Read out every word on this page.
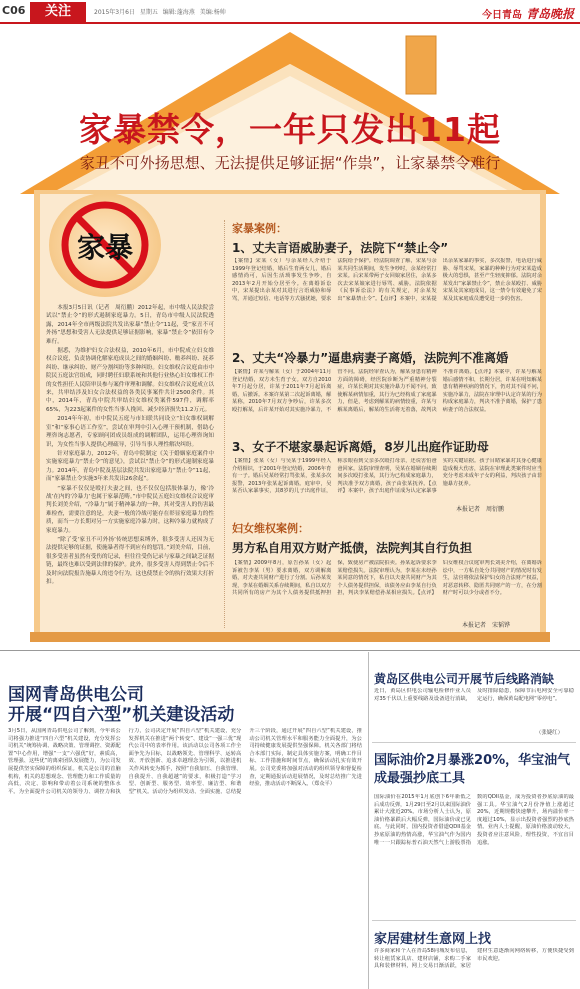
C06	关注	2015年3月6日 星期五 编辑:蓬海燕 美编:杨帅	今日青岛 青岛晚报
家暴禁令，一年只发出11起
家丑不可外扬思想、无法提供足够证据“作祟”，让家暴禁令难行
家暴

本报3月5日讯（记者　周衍鹏）2012年起，市中级人民法院尝试以“禁止令”的形式遏制家庭暴力。5日，青岛市中级人民法院透露，2014年全市两级法院共发出家暴“禁止令”11起，受“家丑不可外扬”思想和受害人无法提供足够证据影响，家暴“禁止令”依旧有令难行。

据悉，为维护妇女合法权益，2010年6月，市中院成立妇女维权合议庭，负责协调化解家庭成员之间的婚姻纠纷、赡养纠纷、抚养纠纷、继承纠纷、财产分割纠纷等多种纠纷。妇女维权合议庭由市中院民五庭法官组成，同时聘任妇联系统和其他行业热心妇女维权工作的女性担任人民陪审员参与案件审理和调解。妇女维权合议庭成立以来，共审结涉及妇女合法权益的各类民事案件共计2500余件。其中，2014年，青岛中院共审结妇女维权类案件597件，调解率65%，为223起案件的女性当事人挽回、减少经济损失11.2万元。

2014年年初，市中院民五庭与市妇联共同设立“妇女维权调解室”和“家事心语工作室”，尝试在审判中引入心理干预机制，借助心理咨询志愿者，专家顾问团成员组成的调解团队，运用心理咨询知识，为女性当事人提供心理疏导，引导当事人理性解决纠纷。

针对家庭暴力，2012年，青岛中院制定《关于婚姻家庭案件中实施家庭暴力“禁止令”的意见》，尝试以“禁止令”的形式遏制家庭暴力。2014年，青岛中院及基层法院共发出家庭暴力“禁止令”11起，而“家暴禁止令实施3年来共发出26余起”。

“家暴不仅仅是殴打夫妻之间，也不仅仅包括肢体暴力，像‘冷战’在内的‘冷暴力’也属于家暴范畴。”市中院民五庭妇女维权合议庭审判长刘美介绍，“冷暴力”属于精神暴力的一种，其对受害人的伤害最难检查，需要注意的是，夫妻一般的冷战可能存在彰显家庭暴力的性质，而当一方长期对另一方实施家庭冷暴力时，这种冷暴力就构成了家庭暴力。

“除了受‘家丑不可外扬’传统思想束缚外，很多受害人还因为无法提供足够的证据，使施暴者得不到应有的惩罚。”刘美介绍，目前，很多受害者虽然有受伤的记录，但往往受伤记录与家暴之间缺乏证据链，最终也难以受到法律的保护。此外，很多受害人得到禁止令后不及时向法院报告施暴人的违令行为，这也使禁止令的执行效果大打折扣。

家暴案例：
1、丈夫言语威胁妻子，法院下“禁止令”
【案情】宋某（女）与余某经人介绍于1999年登记结婚，婚后生育两女儿，婚后感情尚可，后因生活琐事发生争吵，自2013年2月开始分居至今。在离婚诉讼中，宋某提出余某对其进行言语威胁和辱骂，并通过短信、电话等方式骚扰她，要求法院给予保护。经法院调查了解，宋某与余某共同生活期间，发生争吵时，余某经常打宋某。后宋某带两子女回娘家居住，余某多次去宋某娘家进行辱骂、威胁。法院依据《民事诉讼法》的有关规定，对余某发出“家暴禁止令”。【点评】本案中，宋某提出余某家暴的事实，多次报警，电话进行威胁、辱骂宋某，家暴的种种行为对宋某造成极大的恐惧，甚至产生轻度抑郁。法院对余某发出“家暴禁止令”，禁止余某殴打、威胁宋某及其家庭成员，这一禁令有效避免了宋某及其家庭成员遭受进一步的伤害。
2、丈夫“冷暴力”逼患病妻子离婚，法院判不准离婚
【案情】许某与解某（女）于2004年11月登记结婚，双方未生育子女。双方自2010年7月起分居，许某于2011年7月起诉离婚，后撤诉。本案许某第二次起诉离婚，解某称，2010年7月双方争吵后，许某多次殴打解某，后许某开始对其实施冷暴力，不管不问。法院经审查认为，解某身患有精神方面的障碍，经医院诊断为严重精神分裂症，许某长期对其实施冷暴力不闻不问，致使解某病情加重，其行为已经构成了家庭暴力，但是，考虑到解某的病情较重，许某与解某离婚后，解某的生活将无着落，故判决不准许离婚。【点评】本案中，许某与解某婚后感情不和，长期分居，许某在明知解某患有精神疾病的情况下，仍对其不闻不问，实施冷暴力，法院在审理中认定许某的行为构成家庭暴力，判决不准予离婚，保护了患病妻子的合法权益。
3、女子不堪家暴起诉离婚，8岁儿出庭作证助母
【案情】张某（女）与吴某于1999年经人介绍相识，于2001年登记结婚，2006年育有一子。婚后吴某经常打骂张某，张某多次报警，2013年张某起诉离婚。庭审中，吴某否认家暴事实，其8岁的儿子出庭作证，称亲眼看到父亲多次殴打母亲，还说害怕爸爸回家。法院审理查明，吴某在婚姻存续期间多次殴打张某，其行为已构成家庭暴力，判决准予双方离婚，孩子由张某抚养。【点评】本案中，孩子出庭作证成为认定家暴事实的关键证据。孩子目睹家暴对其身心健康造成极大伤害，法院在审理此类案件时应当充分考虑未成年子女的利益，判决孩子由非施暴方抚养。
本报记者　周衍鹏
妇女维权案例：
男方私自用双方财产抵债，法院判其自行负担
【案情】2009年8月，原告孙某（女）起诉被告李某（男）要求离婚，双方调解离婚，对夫妻共同财产进行了分割。后孙某发现，李某在婚姻关系存续期间，私自以双方共同所有的房产为其个人债务提供抵押担保，致使房产被法院拍卖。孙某起诉要求李某赔偿损失。法院审理认为，李某在未经孙某同意的情况下，私自以夫妻共同财产为其个人债务提供担保，该债务应由李某自行负担，判决李某赔偿孙某相应损失。【点评】妇女维权合议庭审判长刘美介绍，在离婚诉讼中，一方私自处分共同财产的情况时有发生，法官将依法保护妇女的合法财产权益，对恶意转移、隐匿共同财产的一方，在分割财产时可以少分或者不分。
本报记者　宋韬铧
国网青岛供电公司
开展“四自六型”机关建设活动
3月5日，从国网青岛供电公司了解到，今年该公司将强力推进“四自六型”机关建设，充分发挥公司机关“统筹协调、战略决策、管理调控、资源配置”中心作用，增强“一支“六强优”好，素质高，管理强、这些优”的离索团队发展能力，为公司发展提供坚实保障的组织保证。机关是公司的首脑机构，机关的思想观念、管理能力和工作质量的高低，决定、影响和带动着公司系统的整体水平。为全面提升公司机关的领导力、调控力和执行力，公司决定开展“四自六型”机关建设，充分发挥机关在推进“两个转变”、建设“一强三优”现代公司中的表率作用。该活动以公司各项工作全面争先为目标，以战略领先、管理科学、运转高效、开放创新、追求卓越理念为引领，以推进机关作风转变为抓手，按照“自我加压、自我管理、自我提升、自我超越”的要求，积极打造“学习型、创新型、服务型、效率型、廉洁型、和谐型”机关。活动分为组织发动、全面实施、总结提升三个阶段，通过开展“四自六型”机关建设，推动公司机关管理水平和服务能力全面提升，为公司持续健康发展提供坚强保障。机关各部门将结合本部门实际，制定具体实施方案，明确工作目标、工作措施和时间节点，确保活动扎实有效开展。公司党委将加强对活动的组织领导和督促检查，定期通报活动进展情况，及时总结推广先进经验，推动活动不断深入。（郑众平）
黄岛区供电公司开展节后线路消缺
近日，黄岛区供电公司输电检修作业人员对35千伏以上重要线路及设备进行消缺，及时排除隐患，保障节后电网安全可靠稳定运行，确保黄岛配电网“零停电”。
（张婕红）
国际油价2月暴涨20%，华宝油气成最强抄底工具
国际油价在2015年1月底创下6年新低之后成功反弹，1月29日至2月以来国际油价累计大涨近20%。市场分析人士认为，原油价格暴跌后大幅反弹，国际油价或已见底。与此同时，国内投资者借道QDII基金抄底原油的热情高涨，华宝油气作为国内唯一一只跟踪标普石油天然气上游股票指数的QDII基金，成为投资者抄底原油的最强工具。华宝油气2月份净值上涨超过20%，近期规模快速攀升，场内溢价率一度超过10%，显示出投资者强烈的抄底热情。业内人士提醒，原油价格波动较大，投资者应注意风险，理性投资，不宜盲目追涨。
家居建材生意网上找
许多商家和个人在青岛58同城发布信息，转让租赁家具店、建材店铺，求购二手家具和装修材料，网上交易日渐活跃，家居建材生意逐渐向网络转移，方便快捷受到市民欢迎。
